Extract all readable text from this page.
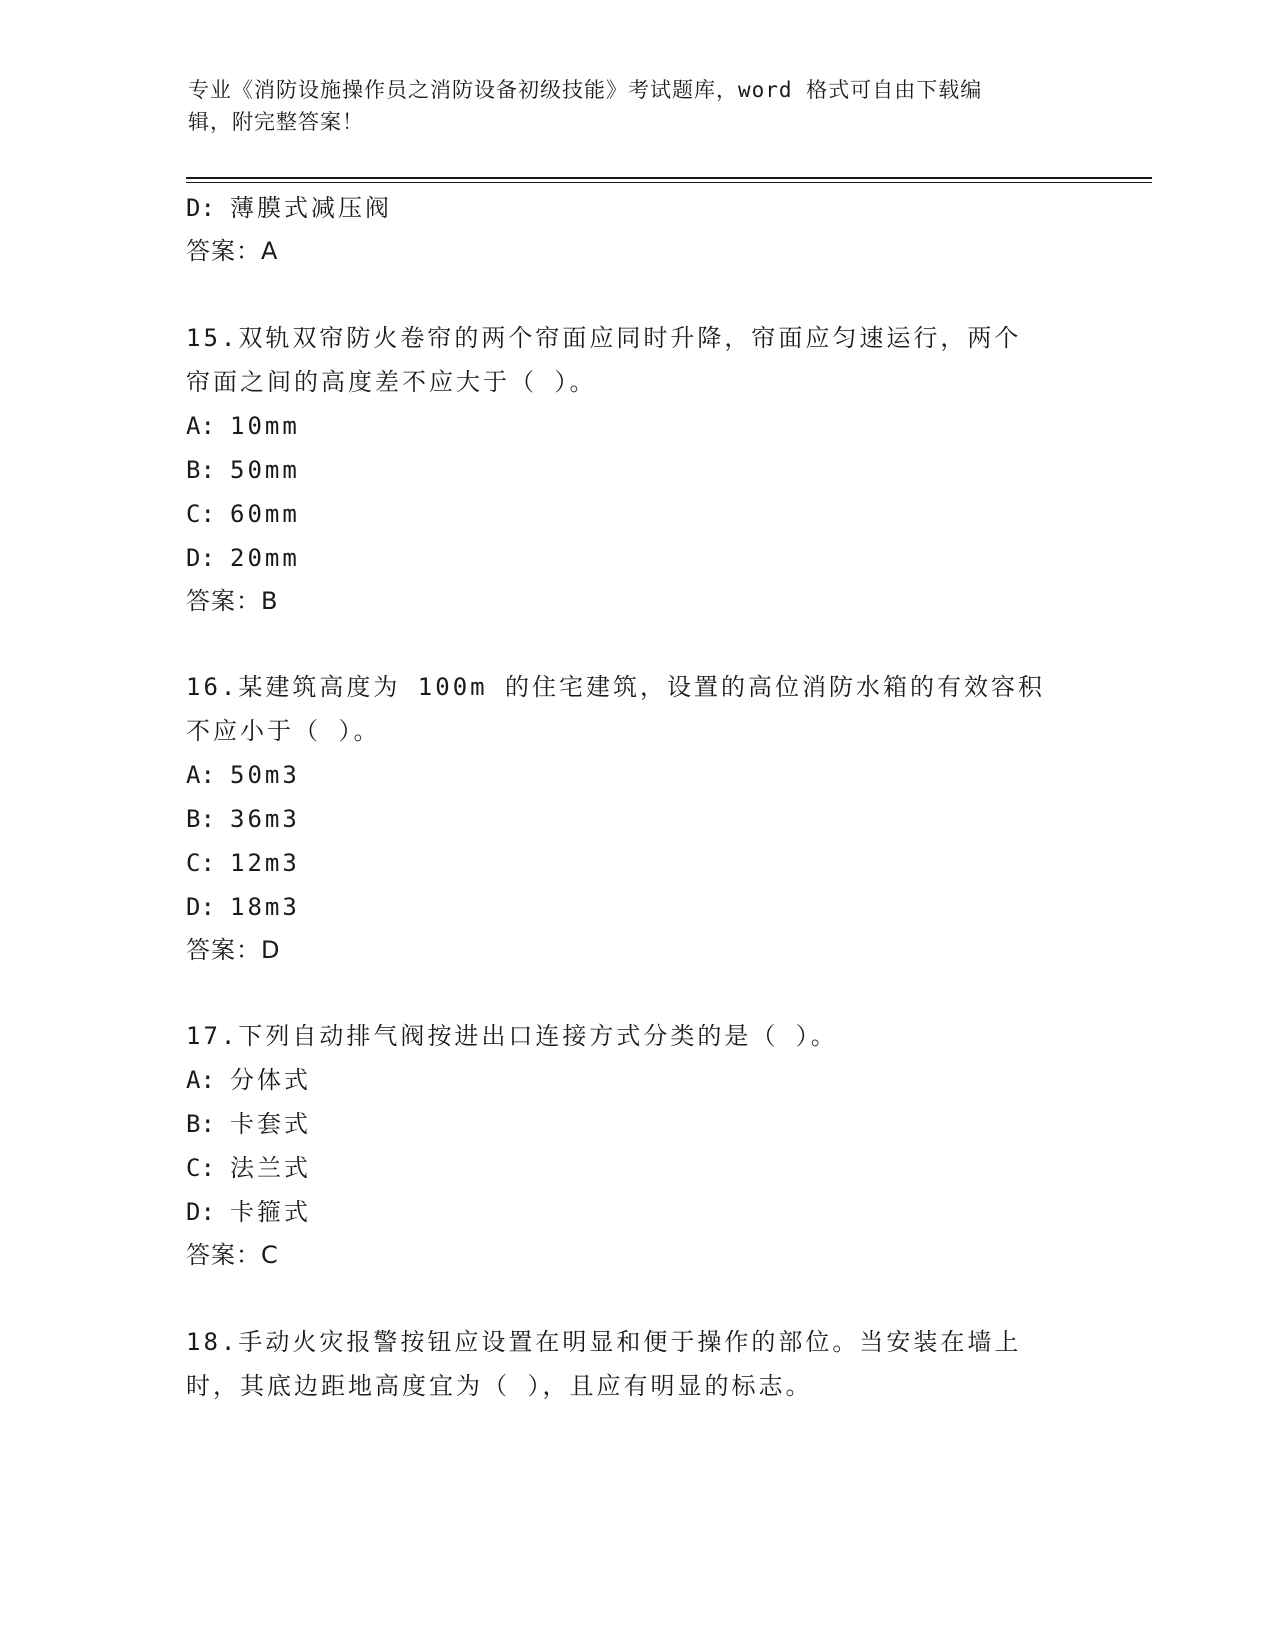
专业《消防设施操作员之消防设备初级技能》考试题库，word 格式可自由下载编
辑，附完整答案！
D: 薄膜式减压阀
答案：A
15.双轨双帘防火卷帘的两个帘面应同时升降，帘面应匀速运行，两个
帘面之间的高度差不应大于（ ）。
A: 10mm
B: 50mm
C: 60mm
D: 20mm
答案：B
16.某建筑高度为 100m 的住宅建筑，设置的高位消防水箱的有效容积
不应小于（ ）。
A: 50m3
B: 36m3
C: 12m3
D: 18m3
答案：D
17.下列自动排气阀按进出口连接方式分类的是（ ）。
A: 分体式
B: 卡套式
C: 法兰式
D: 卡箍式
答案：C
18.手动火灾报警按钮应设置在明显和便于操作的部位。当安装在墙上
时，其底边距地高度宜为（ ），且应有明显的标志。
